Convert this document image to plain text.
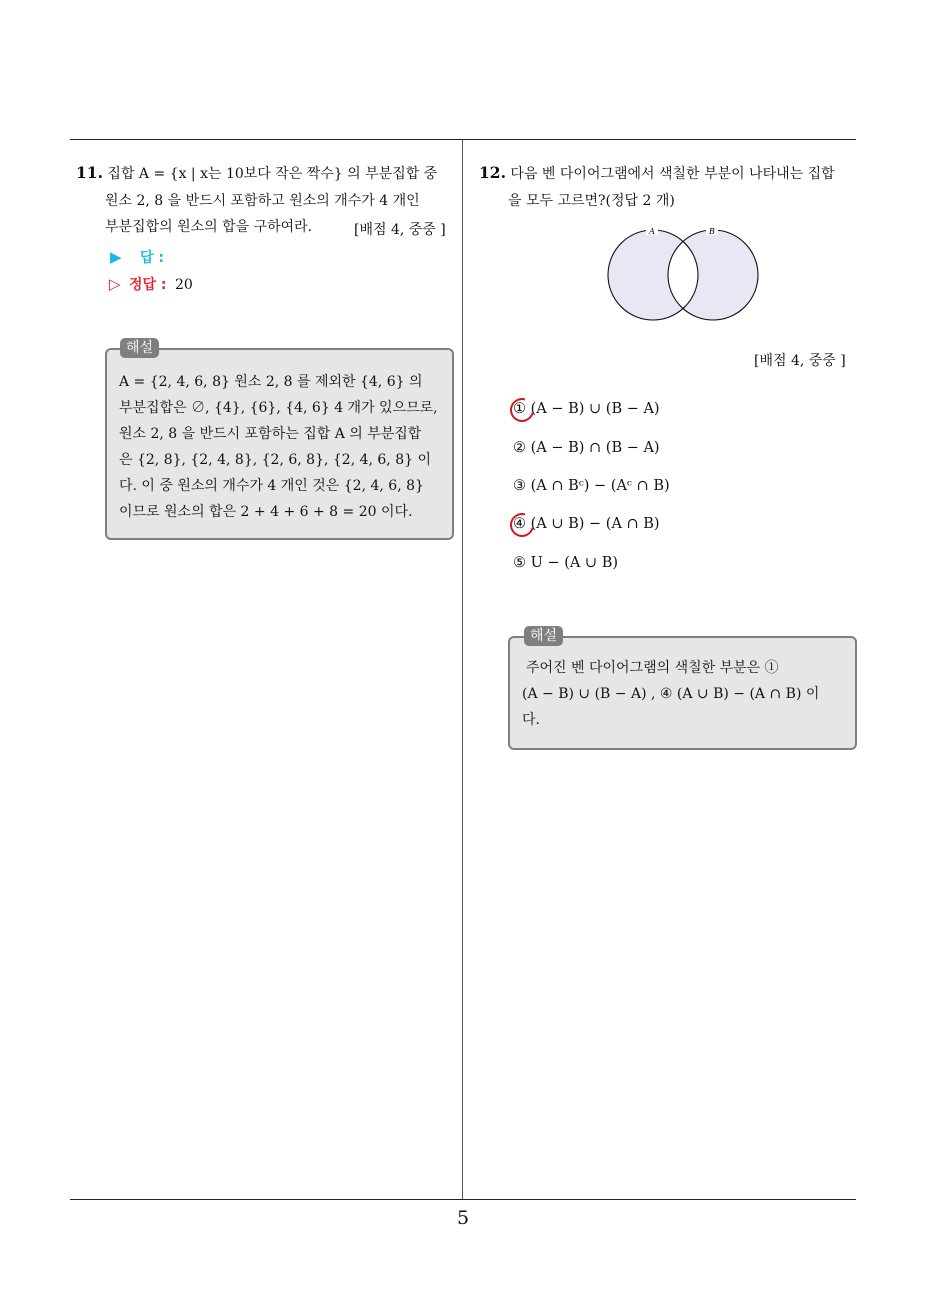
11. 집합 A = {x | x는 10보다 작은 짝수} 의 부분집합 중
원소 2, 8 을 반드시 포함하고 원소의 개수가 4 개인
부분집합의 원소의 합을 구하여라.	[배점 4, 중중 ]
▶ 답 :
▷ 정답 : 20
해설
A = {2, 4, 6, 8} 원소 2, 8 를 제외한 {4, 6} 의
부분집합은 ∅, {4}, {6}, {4, 6} 4 개가 있으므로,
원소 2, 8 을 반드시 포함하는 집합 A 의 부분집합
은 {2, 8}, {2, 4, 8}, {2, 6, 8}, {2, 4, 6, 8} 이
다. 이 중 원소의 개수가 4 개인 것은 {2, 4, 6, 8}
이므로 원소의 합은 2 + 4 + 6 + 8 = 20 이다.
12. 다음 벤 다이어그램에서 색칠한 부분이 나타내는 집합
을 모두 고르면?(정답 2 개)
A	B
[배점 4, 중중 ]
① (A − B) ∪ (B − A)
② (A − B) ∩ (B − A)
③ (A ∩ Bᶜ) − (Aᶜ ∩ B)
④ (A ∪ B) − (A ∩ B)
⑤ U − (A ∪ B)
해설
주어진 벤 다이어그램의 색칠한 부분은 ①
(A − B) ∪ (B − A) , ④ (A ∪ B) − (A ∩ B) 이
다.
5
